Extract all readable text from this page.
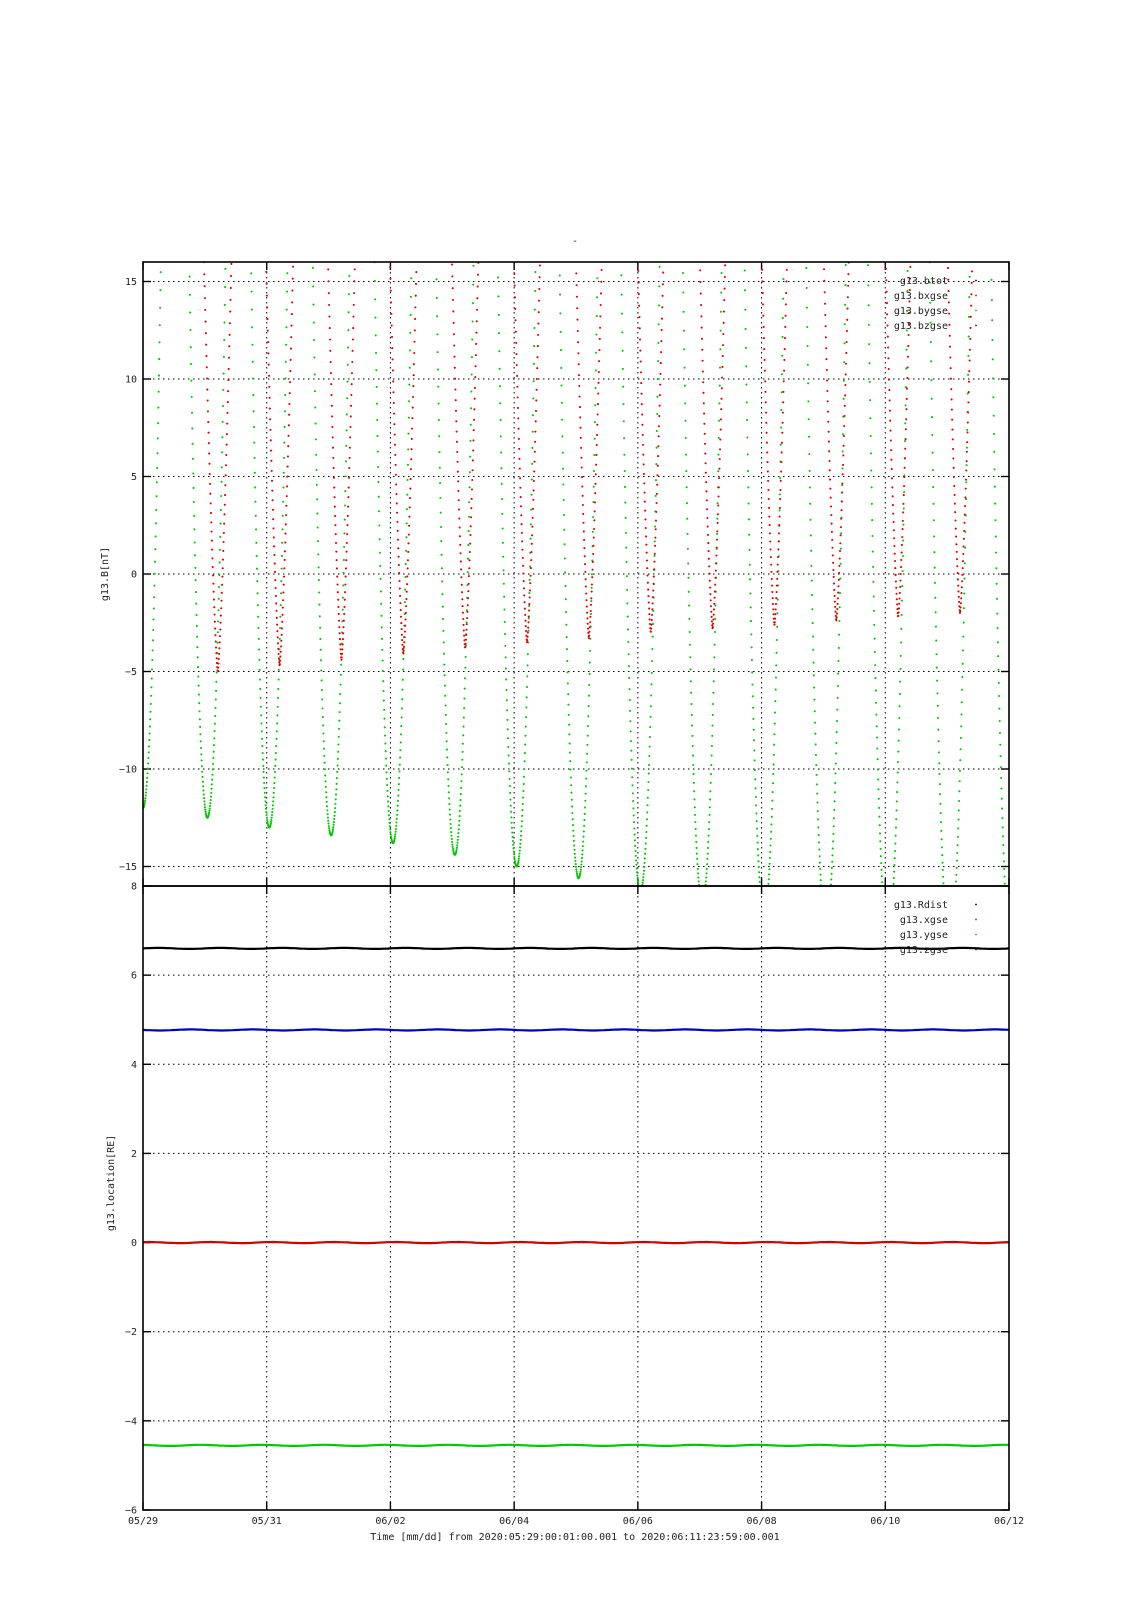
-
−15
−10
−5
0
5
10
15
g13.B[nT]
g13.btot
g13.bxgse
g13.bygse
g13.bzgse
−6
−4
−2
0
2
4
6
8
g13.location[RE]
g13.Rdist
g13.xgse
g13.ygse
g13.zgse
05/29	05/31	06/02	06/04	06/06	06/08	06/10	06/12
Time [mm/dd] from 2020:05:29:00:01:00.001 to 2020:06:11:23:59:00.001
